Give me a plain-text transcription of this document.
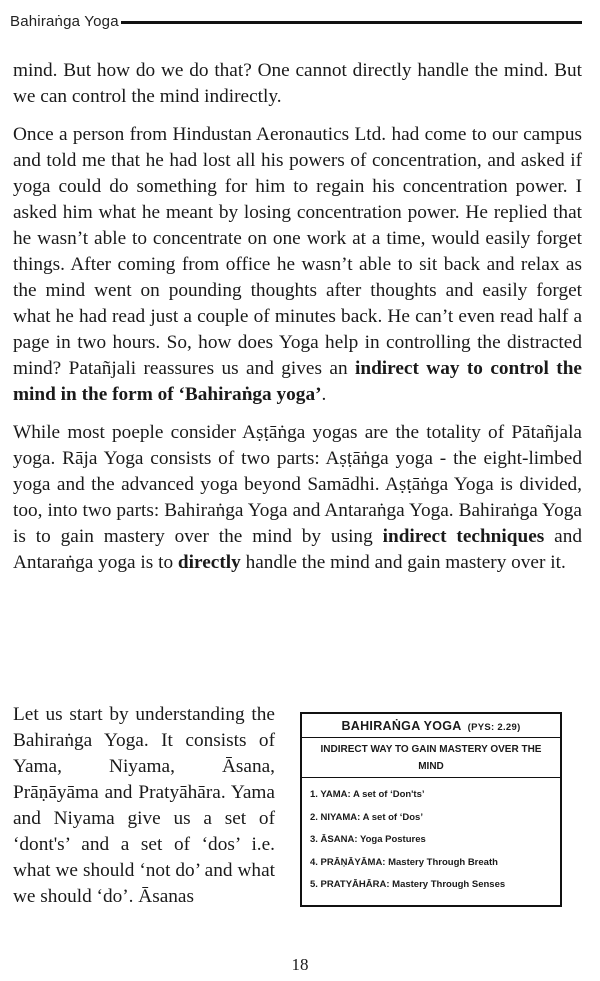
Bahiraṅga Yoga

mind. But how do we do that? One cannot directly handle the mind. But we can control the mind indirectly.

Once a person from Hindustan Aeronautics Ltd. had come to our campus and told me that he had lost all his powers of concentration, and asked if yoga could do something for him to regain his concentration power. I asked him what he meant by losing concentration power. He replied that he wasn’t able to concentrate on one work at a time, would easily forget things. After coming from office he wasn’t able to sit back and relax as the mind went on pounding thoughts after thoughts and easily forget what he had read just a couple of minutes back. He can’t even read half a page in two hours. So, how does Yoga help in controlling the distracted mind? Patañjali reassures us and gives an indirect way to control the mind in the form of ‘Bahiraṅga yoga’.

While most poeple consider Aṣṭāṅga yogas are the totality of Pātañjala yoga. Rāja Yoga consists of two parts: Aṣṭāṅga yoga - the eight-limbed yoga and the advanced yoga beyond Samādhi. Aṣṭāṅga Yoga is divided, too, into two parts: Bahiraṅga Yoga and Antaraṅga Yoga. Bahiraṅga Yoga is to gain mastery over the mind by using indirect techniques and Antaraṅga yoga is to directly handle the mind and gain mastery over it.

Let us start by understanding the Bahiraṅga Yoga. It consists of Yama, Niyama, Āsana, Prāṇāyāma and Pratyāhāra. Yama and Niyama give us a set of ‘dont's’ and a set of ‘dos’ i.e. what we should ‘not do’ and what we should ‘do’. Āsanas

BAHIRAṄGA YOGA (PYS: 2.29)
INDIRECT WAY TO GAIN MASTERY OVER THE MIND
1. YAMA: A set of ‘Don'ts’
2. NIYAMA: A set of ‘Dos’
3. ĀSANA: Yoga Postures
4. PRĀṆĀYĀMA: Mastery Through Breath
5. PRATYĀHĀRA: Mastery Through Senses
18
